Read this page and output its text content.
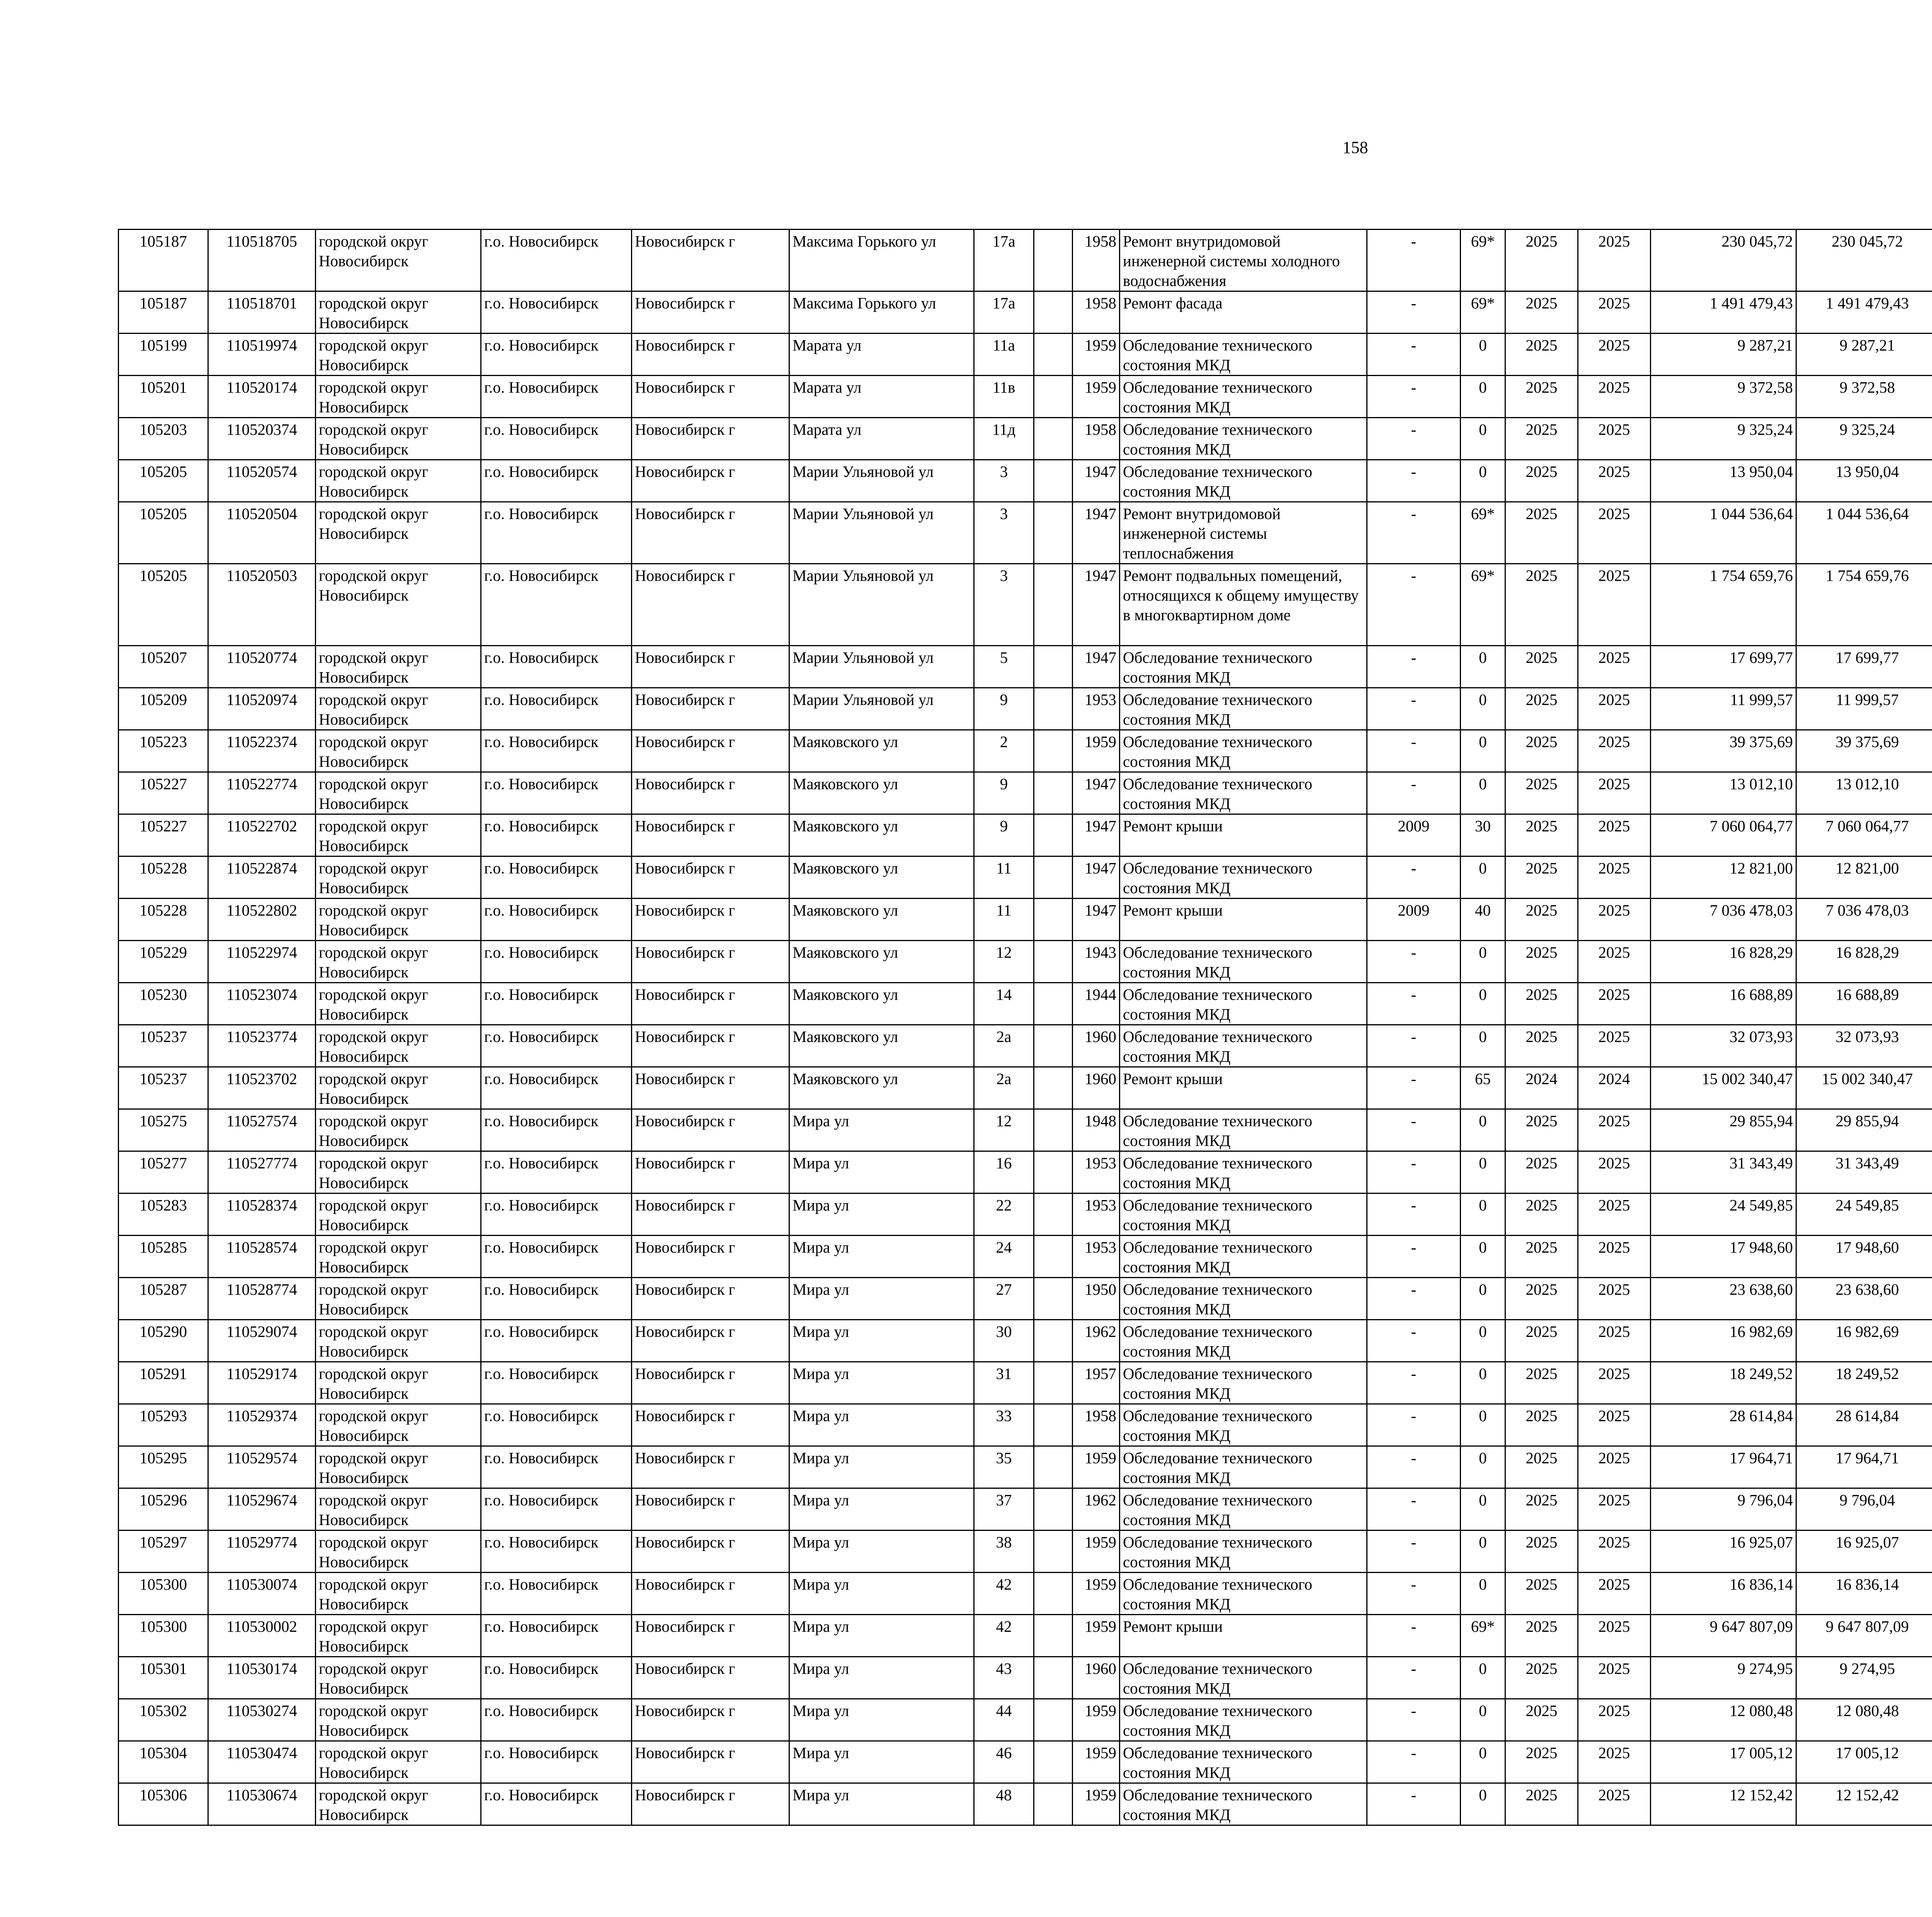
158
105187	110518705	городской округ Новосибирск	г.о. Новосибирск	Новосибирск г	Максима Горького ул	17а		1958	Ремонт внутридомовой инженерной системы холодного водоснабжения	-	69*	2025	2025	230 045,72	230 045,72						
105187	110518701	городской округ Новосибирск	г.о. Новосибирск	Новосибирск г	Максима Горького ул	17а		1958	Ремонт фасада	-	69*	2025	2025	1 491 479,43	1 491 479,43						
105199	110519974	городской округ Новосибирск	г.о. Новосибирск	Новосибирск г	Марата ул	11а		1959	Обследование технического состояния МКД	-	0	2025	2025	9 287,21	9 287,21						
105201	110520174	городской округ Новосибирск	г.о. Новосибирск	Новосибирск г	Марата ул	11в		1959	Обследование технического состояния МКД	-	0	2025	2025	9 372,58	9 372,58						
105203	110520374	городской округ Новосибирск	г.о. Новосибирск	Новосибирск г	Марата ул	11д		1958	Обследование технического состояния МКД	-	0	2025	2025	9 325,24	9 325,24						
105205	110520574	городской округ Новосибирск	г.о. Новосибирск	Новосибирск г	Марии Ульяновой ул	3		1947	Обследование технического состояния МКД	-	0	2025	2025	13 950,04	13 950,04						
105205	110520504	городской округ Новосибирск	г.о. Новосибирск	Новосибирск г	Марии Ульяновой ул	3		1947	Ремонт внутридомовой инженерной системы теплоснабжения	-	69*	2025	2025	1 044 536,64	1 044 536,64						
105205	110520503	городской округ Новосибирск	г.о. Новосибирск	Новосибирск г	Марии Ульяновой ул	3		1947	Ремонт подвальных помещений, относящихся к общему имуществу в многоквартирном доме	-	69*	2025	2025	1 754 659,76	1 754 659,76						
105207	110520774	городской округ Новосибирск	г.о. Новосибирск	Новосибирск г	Марии Ульяновой ул	5		1947	Обследование технического состояния МКД	-	0	2025	2025	17 699,77	17 699,77						
105209	110520974	городской округ Новосибирск	г.о. Новосибирск	Новосибирск г	Марии Ульяновой ул	9		1953	Обследование технического состояния МКД	-	0	2025	2025	11 999,57	11 999,57						
105223	110522374	городской округ Новосибирск	г.о. Новосибирск	Новосибирск г	Маяковского ул	2		1959	Обследование технического состояния МКД	-	0	2025	2025	39 375,69	39 375,69						
105227	110522774	городской округ Новосибирск	г.о. Новосибирск	Новосибирск г	Маяковского ул	9		1947	Обследование технического состояния МКД	-	0	2025	2025	13 012,10	13 012,10						
105227	110522702	городской округ Новосибирск	г.о. Новосибирск	Новосибирск г	Маяковского ул	9		1947	Ремонт крыши	2009	30	2025	2025	7 060 064,77	7 060 064,77						
105228	110522874	городской округ Новосибирск	г.о. Новосибирск	Новосибирск г	Маяковского ул	11		1947	Обследование технического состояния МКД	-	0	2025	2025	12 821,00	12 821,00						
105228	110522802	городской округ Новосибирск	г.о. Новосибирск	Новосибирск г	Маяковского ул	11		1947	Ремонт крыши	2009	40	2025	2025	7 036 478,03	7 036 478,03						
105229	110522974	городской округ Новосибирск	г.о. Новосибирск	Новосибирск г	Маяковского ул	12		1943	Обследование технического состояния МКД	-	0	2025	2025	16 828,29	16 828,29						
105230	110523074	городской округ Новосибирск	г.о. Новосибирск	Новосибирск г	Маяковского ул	14		1944	Обследование технического состояния МКД	-	0	2025	2025	16 688,89	16 688,89						
105237	110523774	городской округ Новосибирск	г.о. Новосибирск	Новосибирск г	Маяковского ул	2а		1960	Обследование технического состояния МКД	-	0	2025	2025	32 073,93	32 073,93						
105237	110523702	городской округ Новосибирск	г.о. Новосибирск	Новосибирск г	Маяковского ул	2а		1960	Ремонт крыши	-	65	2024	2024	15 002 340,47	15 002 340,47						
105275	110527574	городской округ Новосибирск	г.о. Новосибирск	Новосибирск г	Мира ул	12		1948	Обследование технического состояния МКД	-	0	2025	2025	29 855,94	29 855,94						
105277	110527774	городской округ Новосибирск	г.о. Новосибирск	Новосибирск г	Мира ул	16		1953	Обследование технического состояния МКД	-	0	2025	2025	31 343,49	31 343,49						
105283	110528374	городской округ Новосибирск	г.о. Новосибирск	Новосибирск г	Мира ул	22		1953	Обследование технического состояния МКД	-	0	2025	2025	24 549,85	24 549,85						
105285	110528574	городской округ Новосибирск	г.о. Новосибирск	Новосибирск г	Мира ул	24		1953	Обследование технического состояния МКД	-	0	2025	2025	17 948,60	17 948,60						
105287	110528774	городской округ Новосибирск	г.о. Новосибирск	Новосибирск г	Мира ул	27		1950	Обследование технического состояния МКД	-	0	2025	2025	23 638,60	23 638,60						
105290	110529074	городской округ Новосибирск	г.о. Новосибирск	Новосибирск г	Мира ул	30		1962	Обследование технического состояния МКД	-	0	2025	2025	16 982,69	16 982,69						
105291	110529174	городской округ Новосибирск	г.о. Новосибирск	Новосибирск г	Мира ул	31		1957	Обследование технического состояния МКД	-	0	2025	2025	18 249,52	18 249,52						
105293	110529374	городской округ Новосибирск	г.о. Новосибирск	Новосибирск г	Мира ул	33		1958	Обследование технического состояния МКД	-	0	2025	2025	28 614,84	28 614,84						
105295	110529574	городской округ Новосибирск	г.о. Новосибирск	Новосибирск г	Мира ул	35		1959	Обследование технического состояния МКД	-	0	2025	2025	17 964,71	17 964,71						
105296	110529674	городской округ Новосибирск	г.о. Новосибирск	Новосибирск г	Мира ул	37		1962	Обследование технического состояния МКД	-	0	2025	2025	9 796,04	9 796,04						
105297	110529774	городской округ Новосибирск	г.о. Новосибирск	Новосибирск г	Мира ул	38		1959	Обследование технического состояния МКД	-	0	2025	2025	16 925,07	16 925,07						
105300	110530074	городской округ Новосибирск	г.о. Новосибирск	Новосибирск г	Мира ул	42		1959	Обследование технического состояния МКД	-	0	2025	2025	16 836,14	16 836,14						
105300	110530002	городской округ Новосибирск	г.о. Новосибирск	Новосибирск г	Мира ул	42		1959	Ремонт крыши	-	69*	2025	2025	9 647 807,09	9 647 807,09						
105301	110530174	городской округ Новосибирск	г.о. Новосибирск	Новосибирск г	Мира ул	43		1960	Обследование технического состояния МКД	-	0	2025	2025	9 274,95	9 274,95						
105302	110530274	городской округ Новосибирск	г.о. Новосибирск	Новосибирск г	Мира ул	44		1959	Обследование технического состояния МКД	-	0	2025	2025	12 080,48	12 080,48						
105304	110530474	городской округ Новосибирск	г.о. Новосибирск	Новосибирск г	Мира ул	46		1959	Обследование технического состояния МКД	-	0	2025	2025	17 005,12	17 005,12						
105306	110530674	городской округ Новосибирск	г.о. Новосибирск	Новосибирск г	Мира ул	48		1959	Обследование технического состояния МКД	-	0	2025	2025	12 152,42	12 152,42						
